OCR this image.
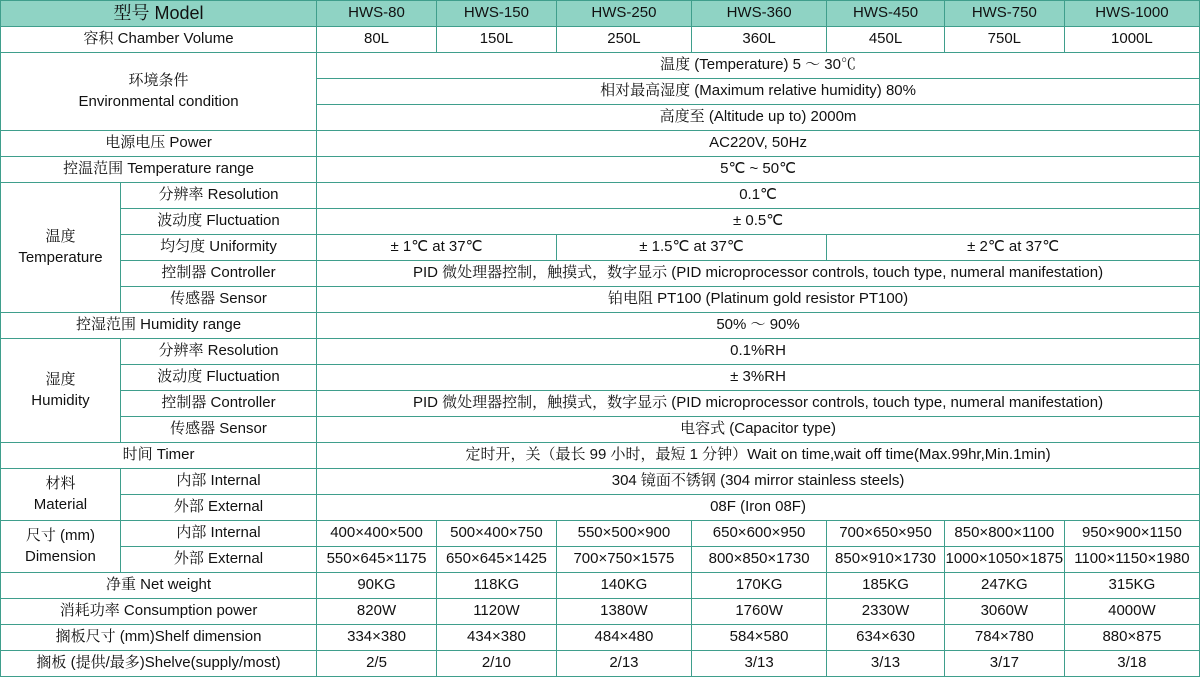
型号 Model		HWS-80	HWS-150	HWS-250	HWS-360	HWS-450	HWS-750	HWS-1000
容积 Chamber Volume		80L	150L	250L	360L	450L	750L	1000L

环境条件
Environmental condition		温度 (Temperature) 5 ～ 30℃						
		相对最高湿度 (Maximum relative humidity) 80%						
		高度至 (Altitude up to) 2000m						
电源电压 Power		AC220V, 50Hz						
控温范围 Temperature range		5℃ ~ 50℃						

温度
Temperature	分辨率 Resolution	0.1℃						
	波动度 Fluctuation	± 0.5℃						
	均匀度 Uniformity	± 1℃ at 37℃		± 1.5℃ at 37℃		± 2℃ at 37℃		
	控制器 Controller	PID 微处理器控制，触摸式，数字显示 (PID microprocessor controls, touch type, numeral manifestation)						
	传感器 Sensor	铂电阻 PT100 (Platinum gold resistor PT100)						
控湿范围 Humidity range		50% ～ 90%						

湿度
Humidity	分辨率 Resolution	0.1%RH						
	波动度 Fluctuation	± 3%RH						
	控制器 Controller	PID 微处理器控制，触摸式，数字显示 (PID microprocessor controls, touch type, numeral manifestation)						
	传感器 Sensor	电容式 (Capacitor type)						
时间 Timer		定时开，关（最长 99 小时，最短 1 分钟）Wait on time,wait off time(Max.99hr,Min.1min)						

材料
Material	内部 Internal	304 镜面不锈钢 (304 mirror stainless steels)						
	外部 External	08F (Iron 08F)						

尺寸 (mm)
Dimension	内部 Internal	400×400×500	500×400×750	550×500×900	650×600×950	700×650×950	850×800×1100	950×900×1150
	外部 External	550×645×1175	650×645×1425	700×750×1575	800×850×1730	850×910×1730	1000×1050×1875	1100×1150×1980
净重 Net weight		90KG	118KG	140KG	170KG	185KG	247KG	315KG
消耗功率 Consumption power		820W	1120W	1380W	1760W	2330W	3060W	4000W
搁板尺寸 (mm)Shelf dimension		334×380	434×380	484×480	584×580	634×630	784×780	880×875
搁板 (提供/最多)Shelve(supply/most)		2/5	2/10	2/13	3/13	3/13	3/17	3/18
